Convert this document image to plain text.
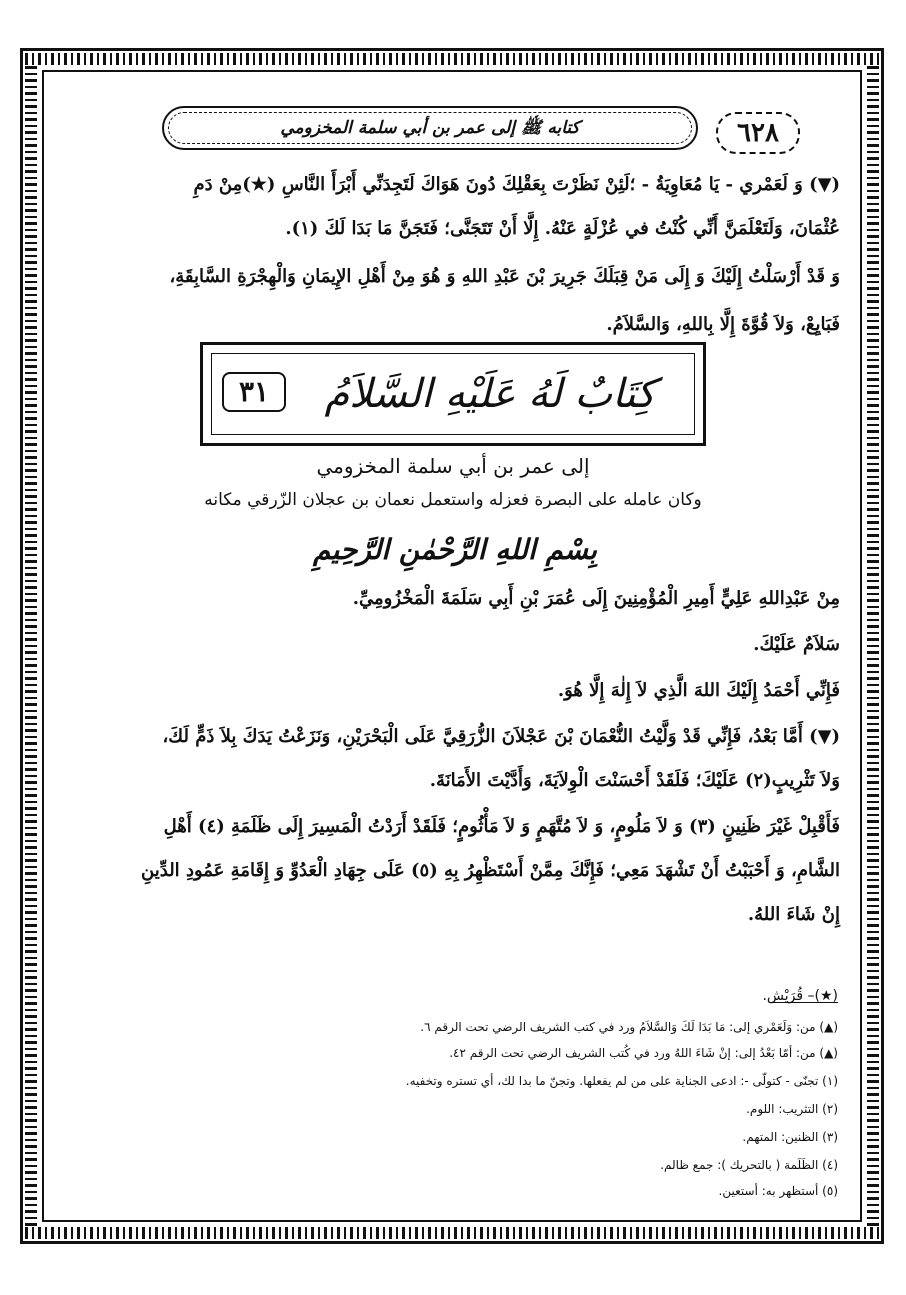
٦٢٨
كتابه ﷺ إلى عمر بن أبي سلمة المخزومي
(▼) وَ لَعَمْري - يَا مُعَاوِيَةُ - ؛لَئِنْ نَظَرْتَ بِعَقْلِكَ دُونَ هَوَاكَ لَتَجِدَنِّي أَبْرَأَ النَّاسِ (★)مِنْ دَمِ
عُثْمَانَ، وَلَتَعْلَمَنَّ أَنِّي كُنْتُ في عُزْلَةٍ عَنْهُ. إِلَّا أَنْ تَتَجَنَّى؛ فَتَجَنَّ مَا بَدَا لَكَ (١).
وَ قَدْ أَرْسَلْتُ إِلَيْكَ وَ إِلَى مَنْ قِبَلَكَ جَرِيرَ بْنَ عَبْدِ اللهِ وَ هُوَ مِنْ أَهْلِ الإِيمَانِ وَالْهِجْرَةِ السَّابِقَةِ،
فَبَايِعْ، وَلاَ قُوَّةَ إِلَّا بِاللهِ، وَالسَّلاَمُ.
٣١	كِتَابٌ لَهُ عَلَيْهِ السَّلاَمُ
إلى عمر بن أبي سلمة المخزومي
وكان عامله على البصرة فعزله واستعمل نعمان بن عجلان الزّرقي مكانه
بِسْمِ اللهِ الرَّحْمٰنِ الرَّحِيمِ
مِنْ عَبْدِاللهِ عَلِيٍّ أَمِيرِ الْمُؤْمِنِينَ إِلَى عُمَرَ بْنِ أَبِي سَلَمَةَ الْمَخْزُومِيِّ.
سَلاَمٌ عَلَيْكَ.
فَإِنِّي أَحْمَدُ إِلَيْكَ اللهَ الَّذِي لاَ إِلٰهَ إِلَّا هُوَ.
(▼) أَمَّا بَعْدُ، فَإِنِّي قَدْ وَلَّيْتُ النُّعْمَانَ بْنَ عَجْلاَنَ الزُّرَقِيَّ عَلَى الْبَحْرَيْنِ، وَنَزَعْتُ يَدَكَ بِلاَ ذَمٍّ لَكَ،
وَلاَ تَثْرِيبٍ(٢) عَلَيْكَ؛ فَلَقَدْ أَحْسَنْتَ الْوِلاَيَةَ، وَأَدَّيْتَ الأَمَانَةَ.
فَأَقْبِلْ غَيْرَ ظَنِينٍ (٣) وَ لاَ مَلُومٍ، وَ لاَ مُتَّهَمٍ وَ لاَ مَأْثُومٍ؛ فَلَقَدْ أَرَدْتُ الْمَسِيرَ إِلَى ظَلَمَةِ (٤) أَهْلِ
الشَّامِ، وَ أَحْبَبْتُ أَنْ تَشْهَدَ مَعِي؛ فَإِنَّكَ مِمَّنْ أَسْتَظْهِرُ بِهِ (٥) عَلَى جِهَادِ الْعَدُوِّ وَ إِقَامَةِ عَمُودِ الدِّينِ
إِنْ شَاءَ اللهُ.
(★)– قُرَيْش.
(▲) من: وَلَعَمْري إلى: مَا بَدَا لَكَ وَالسَّلاَمُ ورد في كتب الشريف الرضي تحت الرقم ٦.
(▲) من: أمّا بَعْدُ إلى: إنْ شَاءَ اللهُ ورد في كُتب الشريف الرضي تحت الرقم ٤٢.
(١) تجنّى - كتولّى -: ادعى الجناية على من لم يفعلها. وتجنّ ما بدا لك، أي تستره وتخفيه.
(٢) التثريب: اللوم.
(٣) الظنين: المتهم.
(٤) الظَلَمة ( بالتحريك ): جمع ظالم.
(٥) أستظهر به: أستعين.
